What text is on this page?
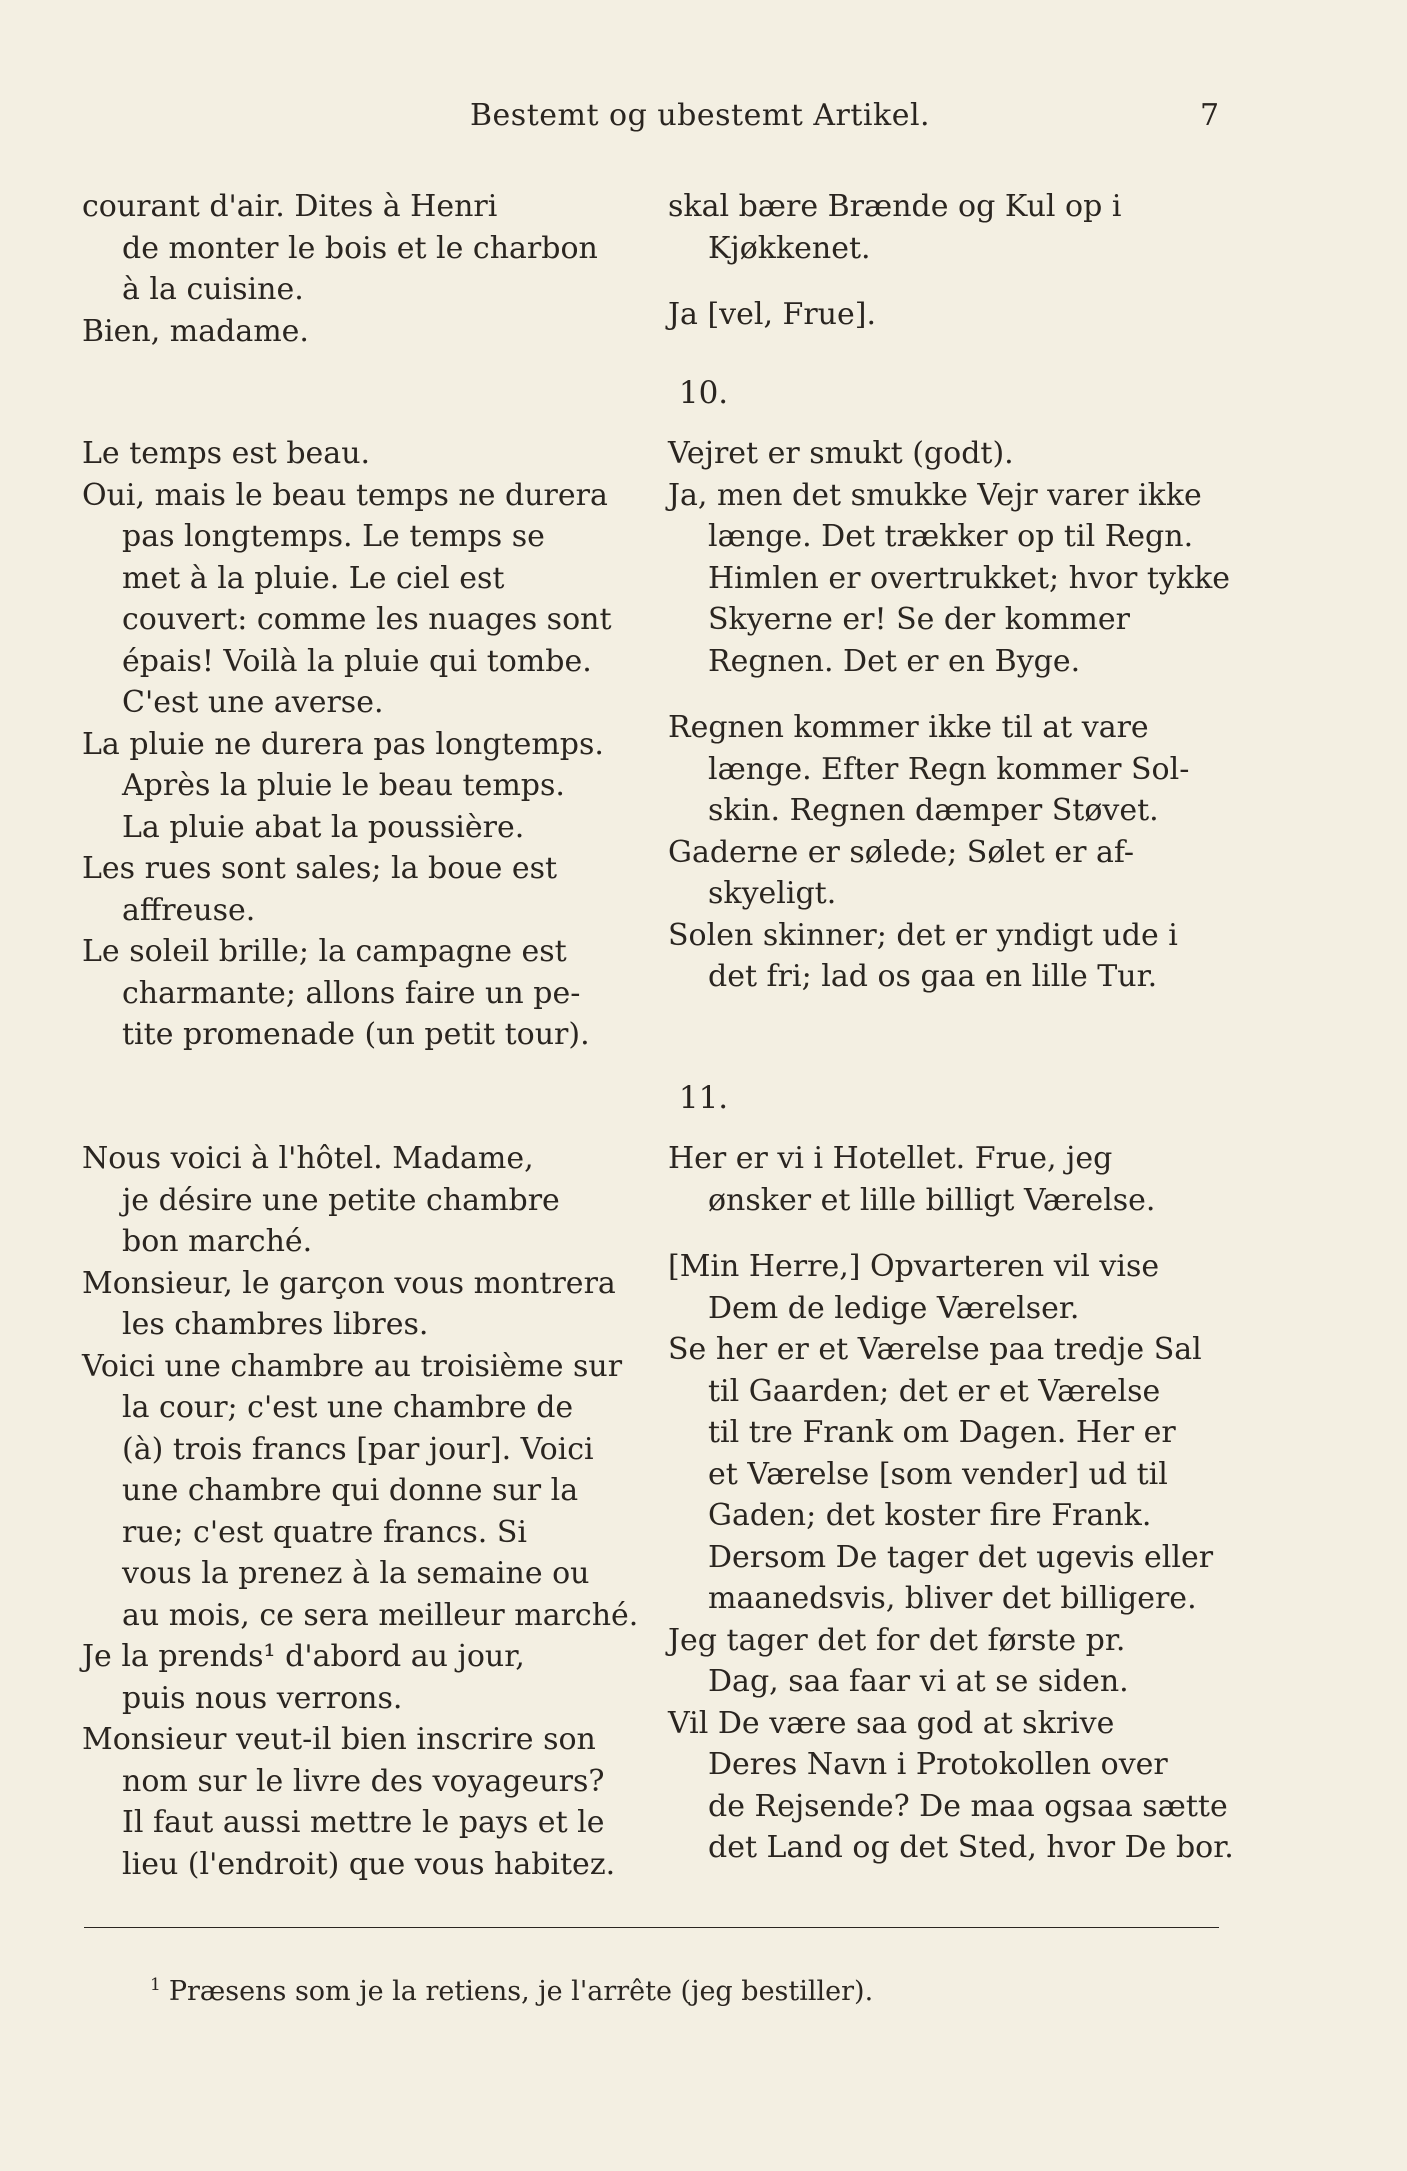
Bestemt og ubestemt Artikel.	7
courant d'air. Dites à Henri
de monter le bois et le charbon
à la cuisine.
Bien, madame.
skal bære Brænde og Kul op i
Kjøkkenet.
Ja [vel, Frue].
10.
Le temps est beau.
Oui, mais le beau temps ne durera
pas longtemps. Le temps se
met à la pluie. Le ciel est
couvert: comme les nuages sont
épais! Voilà la pluie qui tombe.
C'est une averse.
La pluie ne durera pas longtemps.
Après la pluie le beau temps.
La pluie abat la poussière.
Les rues sont sales; la boue est
affreuse.
Le soleil brille; la campagne est
charmante; allons faire un pe-
tite promenade (un petit tour).
Vejret er smukt (godt).
Ja, men det smukke Vejr varer ikke
længe. Det trækker op til Regn.
Himlen er overtrukket; hvor tykke
Skyerne er! Se der kommer
Regnen. Det er en Byge.
Regnen kommer ikke til at vare
længe. Efter Regn kommer Sol-
skin. Regnen dæmper Støvet.
Gaderne er sølede; Sølet er af-
skyeligt.
Solen skinner; det er yndigt ude i
det fri; lad os gaa en lille Tur.
11.
Nous voici à l'hôtel. Madame,
je désire une petite chambre
bon marché.
Monsieur, le garçon vous montrera
les chambres libres.
Voici une chambre au troisième sur
la cour; c'est une chambre de
(à) trois francs [par jour]. Voici
une chambre qui donne sur la
rue; c'est quatre francs. Si
vous la prenez à la semaine ou
au mois, ce sera meilleur marché.
Je la prends¹ d'abord au jour,
puis nous verrons.
Monsieur veut-il bien inscrire son
nom sur le livre des voyageurs?
Il faut aussi mettre le pays et le
lieu (l'endroit) que vous habitez.
Her er vi i Hotellet. Frue, jeg
ønsker et lille billigt Værelse.
[Min Herre,] Opvarteren vil vise
Dem de ledige Værelser.
Se her er et Værelse paa tredje Sal
til Gaarden; det er et Værelse
til tre Frank om Dagen. Her er
et Værelse [som vender] ud til
Gaden; det koster fire Frank.
Dersom De tager det ugevis eller
maanedsvis, bliver det billigere.
Jeg tager det for det første pr.
Dag, saa faar vi at se siden.
Vil De være saa god at skrive
Deres Navn i Protokollen over
de Rejsende? De maa ogsaa sætte
det Land og det Sted, hvor De bor.
$^1$ Præsens som je la retiens, je l'arrête (jeg bestiller).
